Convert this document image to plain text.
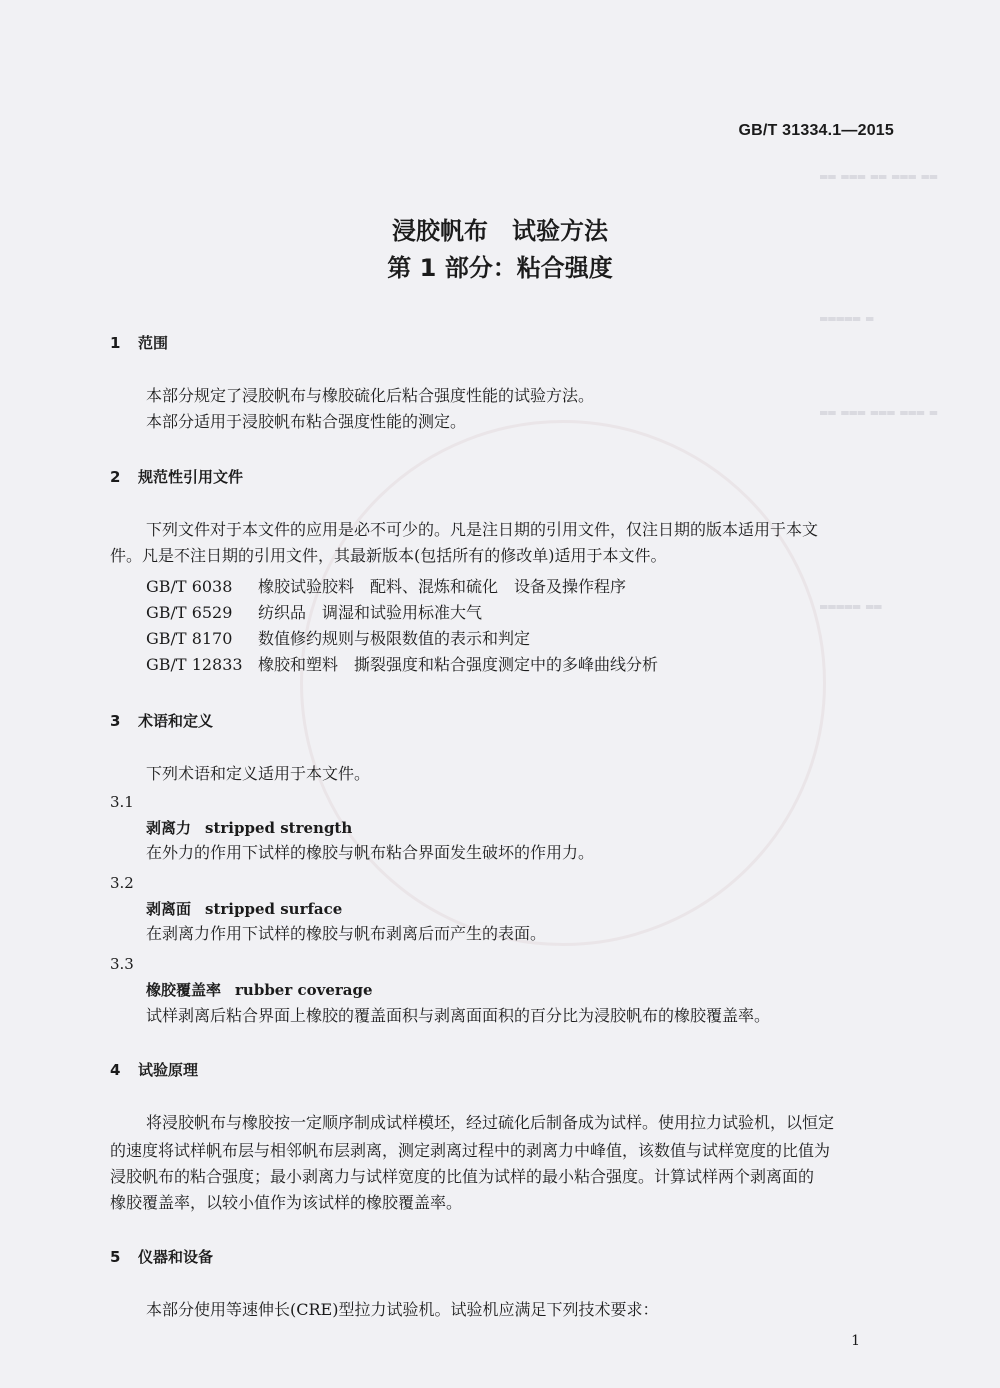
══ ═══ ══ ═══ ══
═════ ═
══ ═══ ═══ ═══ ═
═════ ══
GB/T 31334.1—2015
浸胶帆布　试验方法
第 1 部分：粘合强度
1 范围
本部分规定了浸胶帆布与橡胶硫化后粘合强度性能的试验方法。
本部分适用于浸胶帆布粘合强度性能的测定。
2 规范性引用文件
下列文件对于本文件的应用是必不可少的。凡是注日期的引用文件，仅注日期的版本适用于本文
件。凡是不注日期的引用文件，其最新版本(包括所有的修改单)适用于本文件。
GB/T 6038 橡胶试验胶料　配料、混炼和硫化　设备及操作程序
GB/T 6529 纺织品　调湿和试验用标准大气
GB/T 8170 数值修约规则与极限数值的表示和判定
GB/T 12833 橡胶和塑料　撕裂强度和粘合强度测定中的多峰曲线分析
3 术语和定义
下列术语和定义适用于本文件。
3.1
剥离力 stripped strength
在外力的作用下试样的橡胶与帆布粘合界面发生破坏的作用力。
3.2
剥离面 stripped surface
在剥离力作用下试样的橡胶与帆布剥离后而产生的表面。
3.3
橡胶覆盖率 rubber coverage
试样剥离后粘合界面上橡胶的覆盖面积与剥离面面积的百分比为浸胶帆布的橡胶覆盖率。
4 试验原理
将浸胶帆布与橡胶按一定顺序制成试样模坯，经过硫化后制备成为试样。使用拉力试验机，以恒定
的速度将试样帆布层与相邻帆布层剥离，测定剥离过程中的剥离力中峰值，该数值与试样宽度的比值为
浸胶帆布的粘合强度；最小剥离力与试样宽度的比值为试样的最小粘合强度。计算试样两个剥离面的
橡胶覆盖率，以较小值作为该试样的橡胶覆盖率。
5 仪器和设备
本部分使用等速伸长(CRE)型拉力试验机。试验机应满足下列技术要求：
1
